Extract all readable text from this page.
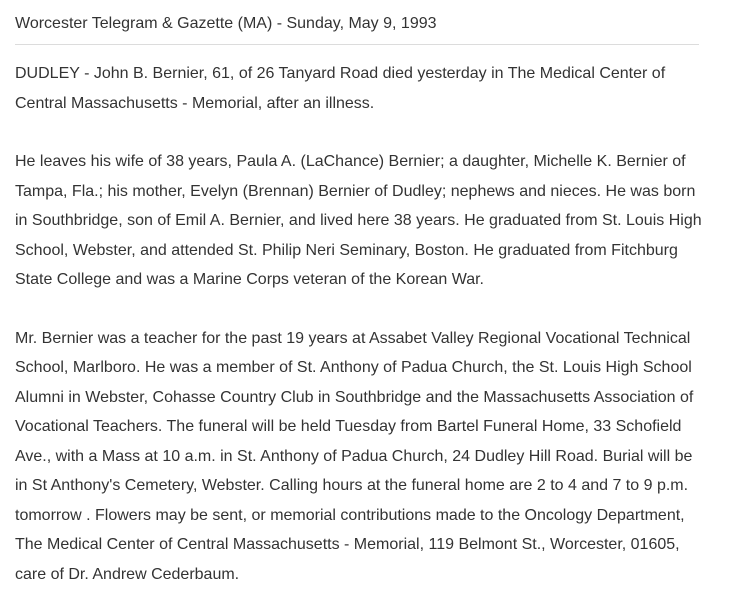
Worcester Telegram & Gazette (MA) - Sunday, May 9, 1993

DUDLEY - John B. Bernier, 61, of 26 Tanyard Road died yesterday in The Medical Center of Central Massachusetts - Memorial, after an illness.

He leaves his wife of 38 years, Paula A. (LaChance) Bernier; a daughter, Michelle K. Bernier of Tampa, Fla.; his mother, Evelyn (Brennan) Bernier of Dudley; nephews and nieces. He was born in Southbridge, son of Emil A. Bernier, and lived here 38 years. He graduated from St. Louis High School, Webster, and attended St. Philip Neri Seminary, Boston. He graduated from Fitchburg State College and was a Marine Corps veteran of the Korean War.

Mr. Bernier was a teacher for the past 19 years at Assabet Valley Regional Vocational Technical School, Marlboro. He was a member of St. Anthony of Padua Church, the St. Louis High School Alumni in Webster, Cohasse Country Club in Southbridge and the Massachusetts Association of Vocational Teachers. The funeral will be held Tuesday from Bartel Funeral Home, 33 Schofield Ave., with a Mass at 10 a.m. in St. Anthony of Padua Church, 24 Dudley Hill Road. Burial will be in St Anthony's Cemetery, Webster. Calling hours at the funeral home are 2 to 4 and 7 to 9 p.m. tomorrow . Flowers may be sent, or memorial contributions made to the Oncology Department, The Medical Center of Central Massachusetts - Memorial, 119 Belmont St., Worcester, 01605, care of Dr. Andrew Cederbaum.
